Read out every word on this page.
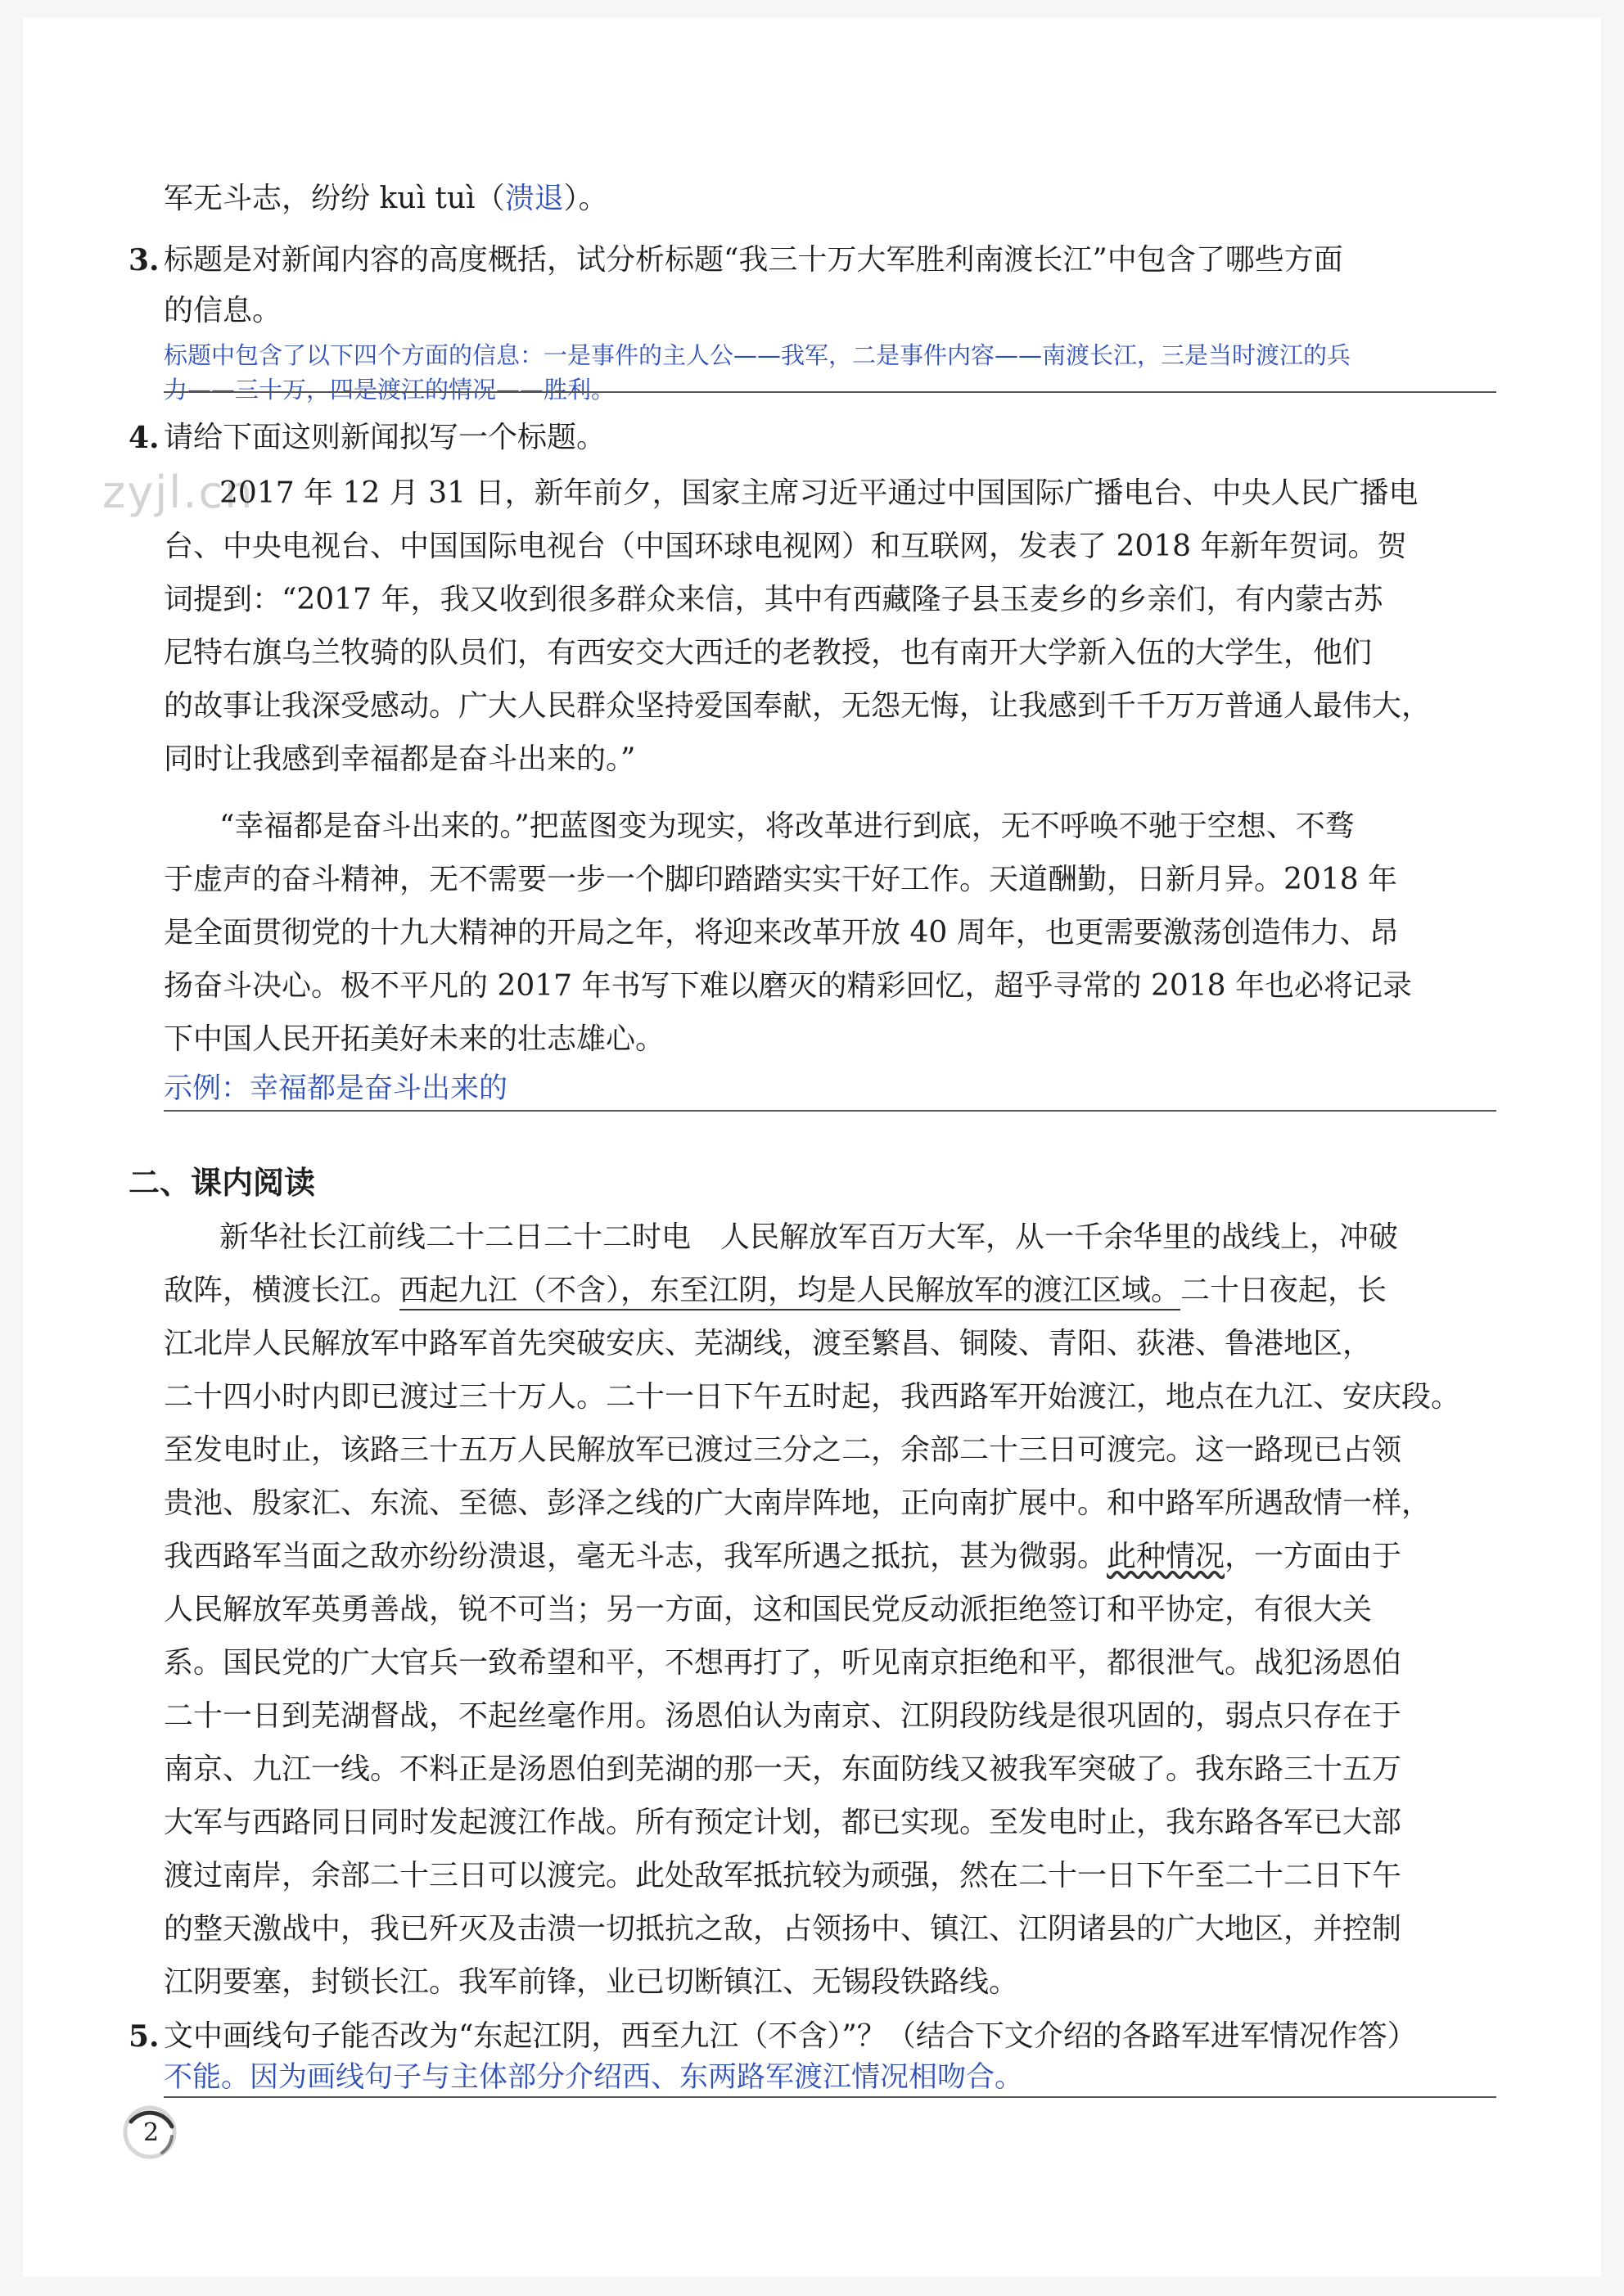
军无斗志，纷纷 kuì tuì（溃退）。
3. 标题是对新闻内容的高度概括，试分析标题“我三十万大军胜利南渡长江”中包含了哪些方面
的信息。
标题中包含了以下四个方面的信息：一是事件的主人公——我军，二是事件内容——南渡长江，三是当时渡江的兵
力——三十万，四是渡江的情况——胜利。
4. 请给下面这则新闻拟写一个标题。
zyjl.cn
2017 年 12 月 31 日，新年前夕，国家主席习近平通过中国国际广播电台、中央人民广播电
台、中央电视台、中国国际电视台（中国环球电视网）和互联网，发表了 2018 年新年贺词。贺
词提到：“2017 年，我又收到很多群众来信，其中有西藏隆子县玉麦乡的乡亲们，有内蒙古苏
尼特右旗乌兰牧骑的队员们，有西安交大西迁的老教授，也有南开大学新入伍的大学生，他们
的故事让我深受感动。广大人民群众坚持爱国奉献，无怨无悔，让我感到千千万万普通人最伟大，
同时让我感到幸福都是奋斗出来的。”
“幸福都是奋斗出来的。”把蓝图变为现实，将改革进行到底，无不呼唤不驰于空想、不骛
于虚声的奋斗精神，无不需要一步一个脚印踏踏实实干好工作。天道酬勤，日新月异。2018 年
是全面贯彻党的十九大精神的开局之年，将迎来改革开放 40 周年，也更需要激荡创造伟力、昂
扬奋斗决心。极不平凡的 2017 年书写下难以磨灭的精彩回忆，超乎寻常的 2018 年也必将记录
下中国人民开拓美好未来的壮志雄心。
示例：幸福都是奋斗出来的
二、课内阅读
新华社长江前线二十二日二十二时电　人民解放军百万大军，从一千余华里的战线上，冲破
敌阵，横渡长江。西起九江（不含），东至江阴，均是人民解放军的渡江区域。二十日夜起，长
江北岸人民解放军中路军首先突破安庆、芜湖线，渡至繁昌、铜陵、青阳、荻港、鲁港地区，
二十四小时内即已渡过三十万人。二十一日下午五时起，我西路军开始渡江，地点在九江、安庆段。
至发电时止，该路三十五万人民解放军已渡过三分之二，余部二十三日可渡完。这一路现已占领
贵池、殷家汇、东流、至德、彭泽之线的广大南岸阵地，正向南扩展中。和中路军所遇敌情一样，
我西路军当面之敌亦纷纷溃退，毫无斗志，我军所遇之抵抗，甚为微弱。此种情况，一方面由于
人民解放军英勇善战，锐不可当；另一方面，这和国民党反动派拒绝签订和平协定，有很大关
系。国民党的广大官兵一致希望和平，不想再打了，听见南京拒绝和平，都很泄气。战犯汤恩伯
二十一日到芜湖督战，不起丝毫作用。汤恩伯认为南京、江阴段防线是很巩固的，弱点只存在于
南京、九江一线。不料正是汤恩伯到芜湖的那一天，东面防线又被我军突破了。我东路三十五万
大军与西路同日同时发起渡江作战。所有预定计划，都已实现。至发电时止，我东路各军已大部
渡过南岸，余部二十三日可以渡完。此处敌军抵抗较为顽强，然在二十一日下午至二十二日下午
的整天激战中，我已歼灭及击溃一切抵抗之敌，占领扬中、镇江、江阴诸县的广大地区，并控制
江阴要塞，封锁长江。我军前锋，业已切断镇江、无锡段铁路线。
5. 文中画线句子能否改为“东起江阴，西至九江（不含）”？（结合下文介绍的各路军进军情况作答）
不能。因为画线句子与主体部分介绍西、东两路军渡江情况相吻合。
2
